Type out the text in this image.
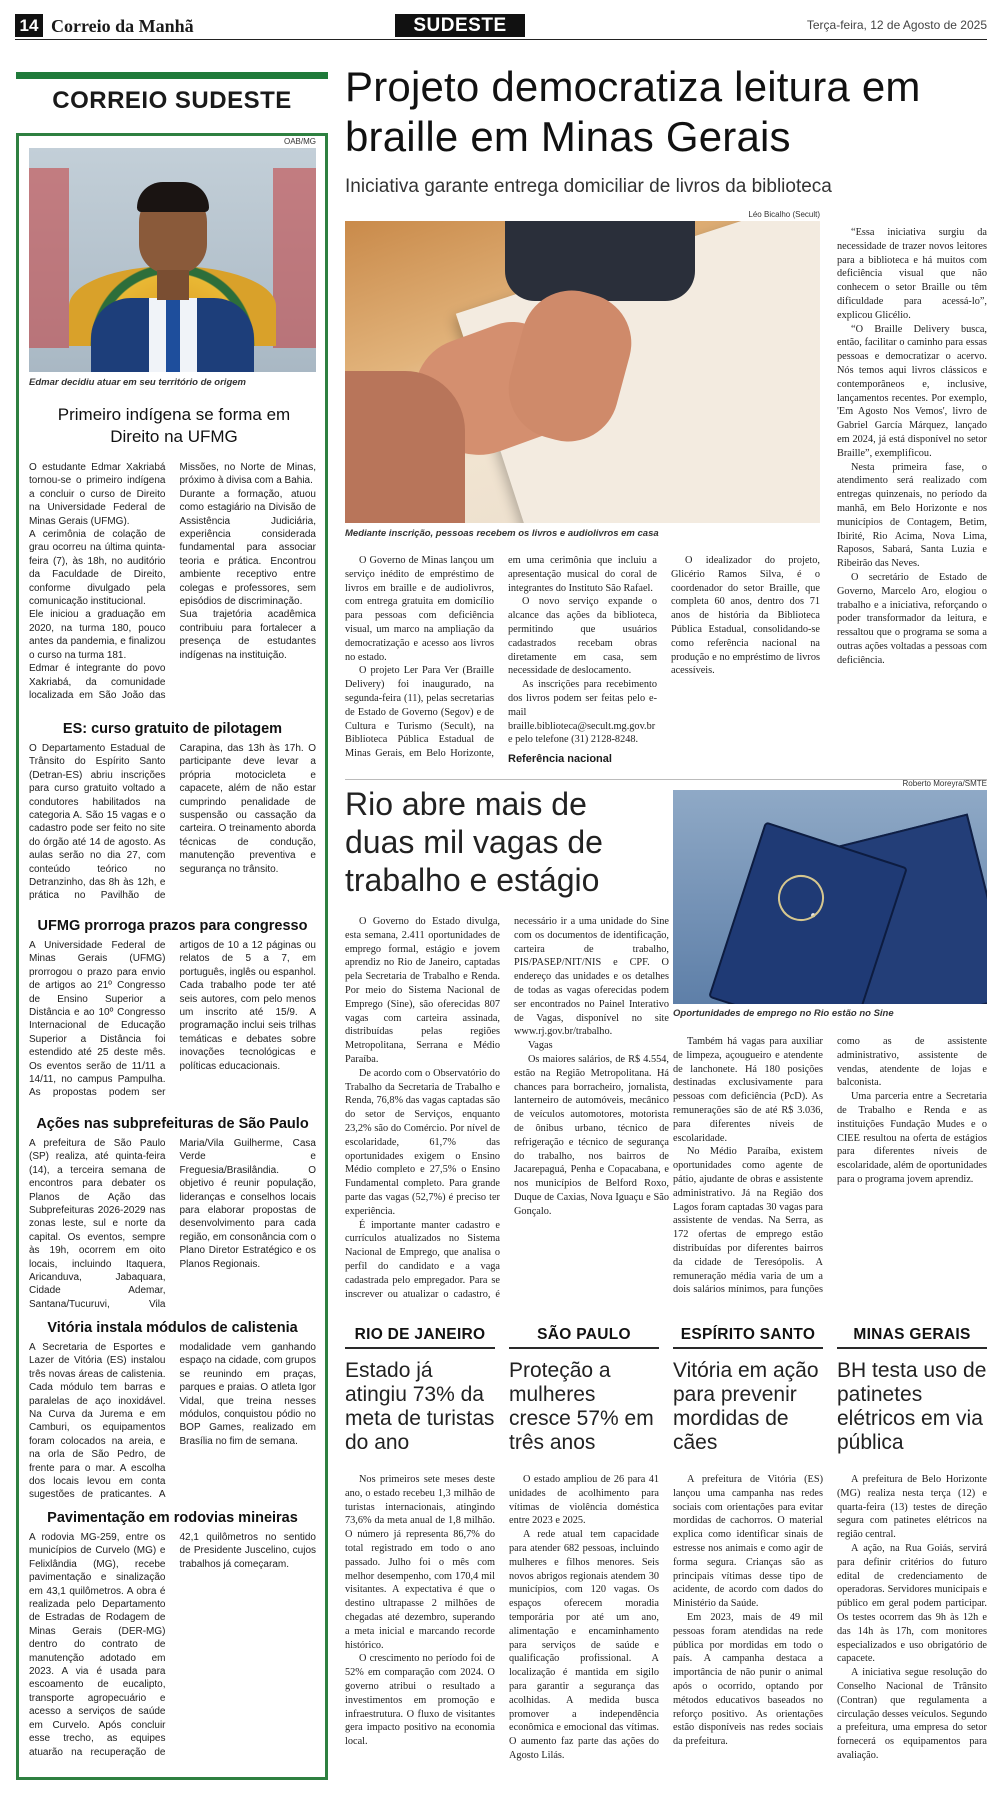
14 Correio da Manhã	SUDESTE	Terça-feira, 12 de Agosto de 2025
CORREIO SUDESTE
OAB/MG
Edmar decidiu atuar em seu território de origem
Primeiro indígena se forma em Direito na UFMG

O estudante Edmar Xakriabá tornou-se o primeiro indígena a concluir o curso de Direito na Universidade Federal de Minas Gerais (UFMG).

A cerimônia de colação de grau ocorreu na última quinta-feira (7), às 18h, no auditório da Faculdade de Direito, conforme divulgado pela comunicação institucional.

Ele iniciou a graduação em 2020, na turma 180, pouco antes da pandemia, e finalizou o curso na turma 181.

Edmar é integrante do povo Xakriabá, da comunidade localizada em São João das Missões, no Norte de Minas, próximo à divisa com a Bahia.

Durante a formação, atuou como estagiário na Divisão de Assistência Judiciária, experiência considerada fundamental para associar teoria e prática. Encontrou ambiente receptivo entre colegas e professores, sem episódios de discriminação.

Sua trajetória acadêmica contribuiu para fortalecer a presença de estudantes indígenas na instituição.

ES: curso gratuito de pilotagem

O Departamento Estadual de Trânsito do Espírito Santo (Detran-ES) abriu inscrições para curso gratuito voltado a condutores habilitados na categoria A. São 15 vagas e o cadastro pode ser feito no site do órgão até 14 de agosto. As aulas serão no dia 27, com conteúdo teórico no Detranzinho, das 8h às 12h, e prática no Pavilhão de Carapina, das 13h às 17h. O participante deve levar a própria motocicleta e capacete, além de não estar cumprindo penalidade de suspensão ou cassação da carteira. O treinamento aborda técnicas de condução, manutenção preventiva e segurança no trânsito.

UFMG prorroga prazos para congresso

A Universidade Federal de Minas Gerais (UFMG) prorrogou o prazo para envio de artigos ao 21º Congresso de Ensino Superior a Distância e ao 10º Congresso Internacional de Educação Superior a Distância foi estendido até 25 deste mês. Os eventos serão de 11/11 a 14/11, no campus Pampulha. As propostas podem ser artigos de 10 a 12 páginas ou relatos de 5 a 7, em português, inglês ou espanhol. Cada trabalho pode ter até seis autores, com pelo menos um inscrito até 15/9. A programação inclui seis trilhas temáticas e debates sobre inovações tecnológicas e políticas educacionais.

Ações nas subprefeituras de São Paulo

A prefeitura de São Paulo (SP) realiza, até quinta-feira (14), a terceira semana de encontros para debater os Planos de Ação das Subprefeituras 2026-2029 nas zonas leste, sul e norte da capital. Os eventos, sempre às 19h, ocorrem em oito locais, incluindo Itaquera, Aricanduva, Jabaquara, Cidade Ademar, Santana/Tucuruvi, Vila Maria/Vila Guilherme, Casa Verde e Freguesia/Brasilândia. O objetivo é reunir população, lideranças e conselhos locais para elaborar propostas de desenvolvimento para cada região, em consonância com o Plano Diretor Estratégico e os Planos Regionais.

Vitória instala módulos de calistenia

A Secretaria de Esportes e Lazer de Vitória (ES) instalou três novas áreas de calistenia. Cada módulo tem barras e paralelas de aço inoxidável. Na Curva da Jurema e em Camburi, os equipamentos foram colocados na areia, e na orla de São Pedro, de frente para o mar. A escolha dos locais levou em conta sugestões de praticantes. A modalidade vem ganhando espaço na cidade, com grupos se reunindo em praças, parques e praias. O atleta Igor Vidal, que treina nesses módulos, conquistou pódio no BOP Games, realizado em Brasília no fim de semana.

Pavimentação em rodovias mineiras

A rodovia MG-259, entre os municípios de Curvelo (MG) e Felixlândia (MG), recebe pavimentação e sinalização em 43,1 quilômetros. A obra é realizada pelo Departamento de Estradas de Rodagem de Minas Gerais (DER-MG) dentro do contrato de manutenção adotado em 2023. A via é usada para escoamento de eucalipto, transporte agropecuário e acesso a serviços de saúde em Curvelo. Após concluir esse trecho, as equipes atuarão na recuperação de 42,1 quilômetros no sentido de Presidente Juscelino, cujos trabalhos já começaram.

Projeto democratiza leitura em braille em Minas Gerais
Iniciativa garante entrega domiciliar de livros da biblioteca
Léo Bicalho (Secult)
Mediante inscrição, pessoas recebem os livros e audiolivros em casa

O Governo de Minas lançou um serviço inédito de empréstimo de livros em braille e de audiolivros, com entrega gratuita em domicílio para pessoas com deficiência visual, um marco na ampliação da democratização e acesso aos livros no estado.

O projeto Ler Para Ver (Braille Delivery) foi inaugurado, na segunda-feira (11), pelas secretarias de Estado de Governo (Segov) e de Cultura e Turismo (Secult), na Biblioteca Pública Estadual de Minas Gerais, em Belo Horizonte, em uma cerimônia que incluiu a apresentação musical do coral de integrantes do Instituto São Rafael.

O novo serviço expande o alcance das ações da biblioteca, permitindo que usuários cadastrados recebam obras diretamente em casa, sem necessidade de deslocamento.

As inscrições para recebimento dos livros podem ser feitas pelo e-mail braille.biblioteca@secult.mg.gov.br e pelo telefone (31) 2128-8248.

Referência nacional

O idealizador do projeto, Glicério Ramos Silva, é o coordenador do setor Braille, que completa 60 anos, dentro dos 71 anos de história da Biblioteca Pública Estadual, consolidando-se como referência nacional na produção e no empréstimo de livros acessíveis.

“Essa iniciativa surgiu da necessidade de trazer novos leitores para a biblioteca e há muitos com deficiência visual que não conhecem o setor Braille ou têm dificuldade para acessá-lo”, explicou Glicélio.

“O Braille Delivery busca, então, facilitar o caminho para essas pessoas e democratizar o acervo. Nós temos aqui livros clássicos e contemporâneos e, inclusive, lançamentos recentes. Por exemplo, 'Em Agosto Nos Vemos', livro de Gabriel García Márquez, lançado em 2024, já está disponível no setor Braille”, exemplificou.

Nesta primeira fase, o atendimento será realizado com entregas quinzenais, no período da manhã, em Belo Horizonte e nos municípios de Contagem, Betim, Ibirité, Rio Acima, Nova Lima, Raposos, Sabará, Santa Luzia e Ribeirão das Neves.

O secretário de Estado de Governo, Marcelo Aro, elogiou o trabalho e a iniciativa, reforçando o poder transformador da leitura, e ressaltou que o programa se soma a outras ações voltadas a pessoas com deficiência.

Rio abre mais de duas mil vagas de trabalho e estágio
Roberto Moreyra/SMTE
●
Oportunidades de emprego no Rio estão no Sine

O Governo do Estado divulga, esta semana, 2.411 oportunidades de emprego formal, estágio e jovem aprendiz no Rio de Janeiro, captadas pela Secretaria de Trabalho e Renda. Por meio do Sistema Nacional de Emprego (Sine), são oferecidas 807 vagas com carteira assinada, distribuídas pelas regiões Metropolitana, Serrana e Médio Paraíba.

De acordo com o Observatório do Trabalho da Secretaria de Trabalho e Renda, 76,8% das vagas captadas são do setor de Serviços, enquanto 23,2% são do Comércio. Por nível de escolaridade, 61,7% das oportunidades exigem o Ensino Médio completo e 27,5% o Ensino Fundamental completo. Para grande parte das vagas (52,7%) é preciso ter experiência.

É importante manter cadastro e currículos atualizados no Sistema Nacional de Emprego, que analisa o perfil do candidato e a vaga cadastrada pelo empregador. Para se inscrever ou atualizar o cadastro, é necessário ir a uma unidade do Sine com os documentos de identificação, carteira de trabalho, PIS/PASEP/NIT/NIS e CPF. O endereço das unidades e os detalhes de todas as vagas oferecidas podem ser encontrados no Painel Interativo de Vagas, disponível no site www.rj.gov.br/trabalho.

Vagas

Os maiores salários, de R$ 4.554, estão na Região Metropolitana. Há chances para borracheiro, jornalista, lanterneiro de automóveis, mecânico de veículos automotores, motorista de ônibus urbano, técnico de refrigeração e técnico de segurança do trabalho, nos bairros de Jacarepaguá, Penha e Copacabana, e nos municípios de Belford Roxo, Duque de Caxias, Nova Iguaçu e São Gonçalo.

Também há vagas para auxiliar de limpeza, açougueiro e atendente de lanchonete. Há 180 posições destinadas exclusivamente para pessoas com deficiência (PcD). As remunerações são de até R$ 3.036, para diferentes níveis de escolaridade.

No Médio Paraíba, existem oportunidades como agente de pátio, ajudante de obras e assistente administrativo. Já na Região dos Lagos foram captadas 30 vagas para assistente de vendas. Na Serra, as 172 ofertas de emprego estão distribuídas por diferentes bairros da cidade de Teresópolis. A remuneração média varia de um a dois salários mínimos, para funções como as de assistente administrativo, assistente de vendas, atendente de lojas e balconista.

Uma parceria entre a Secretaria de Trabalho e Renda e as instituições Fundação Mudes e o CIEE resultou na oferta de estágios para diferentes níveis de escolaridade, além de oportunidades para o programa jovem aprendiz.

RIO DE JANEIRO
Estado já atingiu 73% da meta de turistas do ano

Nos primeiros sete meses deste ano, o estado recebeu 1,3 milhão de turistas internacionais, atingindo 73,6% da meta anual de 1,8 milhão. O número já representa 86,7% do total registrado em todo o ano passado. Julho foi o mês com melhor desempenho, com 170,4 mil visitantes. A expectativa é que o destino ultrapasse 2 milhões de chegadas até dezembro, superando a meta inicial e marcando recorde histórico.

O crescimento no período foi de 52% em comparação com 2024. O governo atribui o resultado a investimentos em promoção e infraestrutura. O fluxo de visitantes gera impacto positivo na economia local.

SÃO PAULO
Proteção a mulheres cresce 57% em três anos

O estado ampliou de 26 para 41 unidades de acolhimento para vítimas de violência doméstica entre 2023 e 2025.

A rede atual tem capacidade para atender 682 pessoas, incluindo mulheres e filhos menores. Seis novos abrigos regionais atendem 30 municípios, com 120 vagas. Os espaços oferecem moradia temporária por até um ano, alimentação e encaminhamento para serviços de saúde e qualificação profissional. A localização é mantida em sigilo para garantir a segurança das acolhidas. A medida busca promover a independência econômica e emocional das vítimas. O aumento faz parte das ações do Agosto Lilás.

ESPÍRITO SANTO
Vitória em ação para prevenir mordidas de cães

A prefeitura de Vitória (ES) lançou uma campanha nas redes sociais com orientações para evitar mordidas de cachorros. O material explica como identificar sinais de estresse nos animais e como agir de forma segura. Crianças são as principais vítimas desse tipo de acidente, de acordo com dados do Ministério da Saúde.

Em 2023, mais de 49 mil pessoas foram atendidas na rede pública por mordidas em todo o país. A campanha destaca a importância de não punir o animal após o ocorrido, optando por métodos educativos baseados no reforço positivo. As orientações estão disponíveis nas redes sociais da prefeitura.

MINAS GERAIS
BH testa uso de patinetes elétricos em via pública

A prefeitura de Belo Horizonte (MG) realiza nesta terça (12) e quarta-feira (13) testes de direção segura com patinetes elétricos na região central.

A ação, na Rua Goiás, servirá para definir critérios do futuro edital de credenciamento de operadoras. Servidores municipais e público em geral podem participar. Os testes ocorrem das 9h às 12h e das 14h às 17h, com monitores especializados e uso obrigatório de capacete.

A iniciativa segue resolução do Conselho Nacional de Trânsito (Contran) que regulamenta a circulação desses veículos. Segundo a prefeitura, uma empresa do setor fornecerá os equipamentos para avaliação.
